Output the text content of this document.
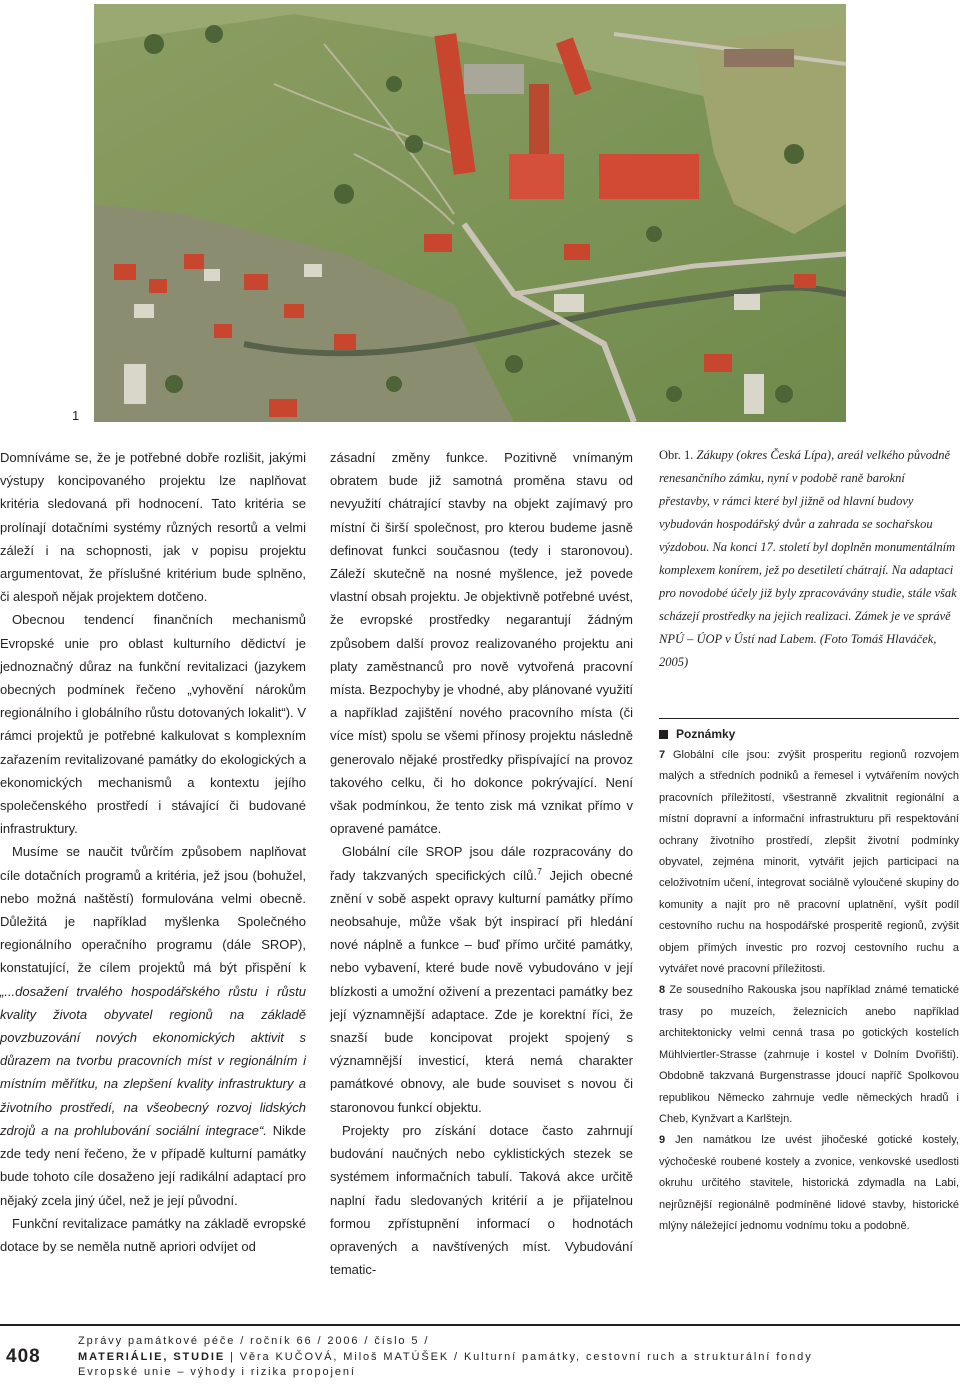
1

Domníváme se, že je potřebné dobře rozlišit, jakými výstupy koncipovaného projektu lze naplňovat kritéria sledovaná při hodnocení. Tato kritéria se prolínají dotačními systémy různých resortů a velmi záleží i na schopnosti, jak v popisu projektu argumentovat, že příslušné kritérium bude splněno, či alespoň nějak projektem dotčeno.

Obecnou tendencí finančních mechanismů Evropské unie pro oblast kulturního dědictví je jednoznačný důraz na funkční revitalizaci (jazykem obecných podmínek řečeno „vyhovění nárokům regionálního i globálního růstu dotovaných lokalit“). V rámci projektů je potřebné kalkulovat s komplexním zařazením revitalizované památky do ekologických a ekonomických mechanismů a kontextu jejího společenského prostředí i stávající či budované infrastruktury.

Musíme se naučit tvůrčím způsobem naplňovat cíle dotačních programů a kritéria, jež jsou (bohužel, nebo možná naštěstí) formulována velmi obecně. Důležitá je například myšlenka Společného regionálního operačního programu (dále SROP), konstatující, že cílem projektů má být přispění k „...dosažení trvalého hospodářského růstu i růstu kvality života obyvatel regionů na základě povzbuzování nových ekonomických aktivit s důrazem na tvorbu pracovních míst v regionálním i místním měřítku, na zlepšení kvality infrastruktury a životního prostředí, na všeobecný rozvoj lidských zdrojů a na prohlubování sociální integrace“. Nikde zde tedy není řečeno, že v případě kulturní památky bude tohoto cíle dosaženo její radikální adaptací pro nějaký zcela jiný účel, než je její původní.

Funkční revitalizace památky na základě evropské dotace by se neměla nutně apriori odvíjet od

zásadní změny funkce. Pozitivně vnímaným obratem bude již samotná proměna stavu od nevyužití chátrající stavby na objekt zajímavý pro místní či širší společnost, pro kterou budeme jasně definovat funkci současnou (tedy i staronovou). Záleží skutečně na nosné myšlence, jež povede vlastní obsah projektu. Je objektivně potřebné uvést, že evropské prostředky negarantují žádným způsobem další provoz realizovaného projektu ani platy zaměstnanců pro nově vytvořená pracovní místa. Bezpochyby je vhodné, aby plánované využití a například zajištění nového pracovního místa (či více míst) spolu se všemi přínosy projektu následně generovalo nějaké prostředky přispívající na provoz takového celku, či ho dokonce pokrývající. Není však podmínkou, že tento zisk má vznikat přímo v opravené památce.

Globální cíle SROP jsou dále rozpracovány do řady takzvaných specifických cílů.$^7$ Jejich obecné znění v sobě aspekt opravy kulturní památky přímo neobsahuje, může však být inspirací při hledání nové náplně a funkce – buď přímo určité památky, nebo vybavení, které bude nově vybudováno v její blízkosti a umožní oživení a prezentaci památky bez její významnější adaptace. Zde je korektní říci, že snazší bude koncipovat projekt spojený s významnější investicí, která nemá charakter památkové obnovy, ale bude souviset s novou či staronovou funkcí objektu.

Projekty pro získání dotace často zahrnují budování naučných nebo cyklistických stezek se systémem informačních tabulí. Taková akce určitě naplní řadu sledovaných kritérií a je přijatelnou formou zpřístupnění informací o hodnotách opravených a navštívených míst. Vybudování tematic-

Obr. 1. Zákupy (okres Česká Lípa), areál velkého původně renesančního zámku, nyní v podobě raně barokní přestavby, v rámci které byl jižně od hlavní budovy vybudován hospodářský dvůr a zahrada se sochařskou výzdobou. Na konci 17. století byl doplněn monumentálním komplexem konírem, jež po desetiletí chátrají. Na adaptaci pro novodobé účely již byly zpracovávány studie, stále však scházejí prostředky na jejich realizaci. Zámek je ve správě NPÚ – ÚOP v Ústí nad Labem. (Foto Tomáš Hlaváček, 2005)
Poznámky

7 Globální cíle jsou: zvýšit prosperitu regionů rozvojem malých a středních podniků a řemesel i vytvářením nových pracovních příležitostí, všestranně zkvalitnit regionální a místní dopravní a informační infrastrukturu při respektování ochrany životního prostředí, zlepšit životní podmínky obyvatel, zejména minorit, vytvářit jejich participaci na celoživotním učení, integrovat sociálně vyloučené skupiny do komunity a najít pro ně pracovní uplatnění, vyšít podíl cestovního ruchu na hospodářské prosperitě regionů, zvýšit objem přímých investic pro rozvoj cestovního ruchu a vytvářet nové pracovní příležitosti.

8 Ze sousedního Rakouska jsou například známé tematické trasy po muzeích, železnicích anebo například architektonicky velmi cenná trasa po gotických kostelích Mühlviertler-Strasse (zahrnuje i kostel v Dolním Dvořišti). Obdobně takzvaná Burgenstrasse jdoucí napříč Spolkovou republikou Německo zahrnuje vedle německých hradů i Cheb, Kynžvart a Karlštejn.

9 Jen namátkou lze uvést jihočeské gotické kostely, výchočeské roubené kostely a zvonice, venkovské usedlosti okruhu určitého stavitele, historická zdymadla na Labi, nejrůznější regionálně podmíněné lidové stavby, historické mlýny náležející jednomu vodnímu toku a podobně.

408
Zprávy památkové péče / ročník 66 / 2006 / číslo 5 /
MATERIÁLIE, STUDIE | Věra KUČOVÁ, Miloš MATÚŠEK / Kulturní památky, cestovní ruch a strukturální fondy
Evropské unie – výhody i rizika propojení
